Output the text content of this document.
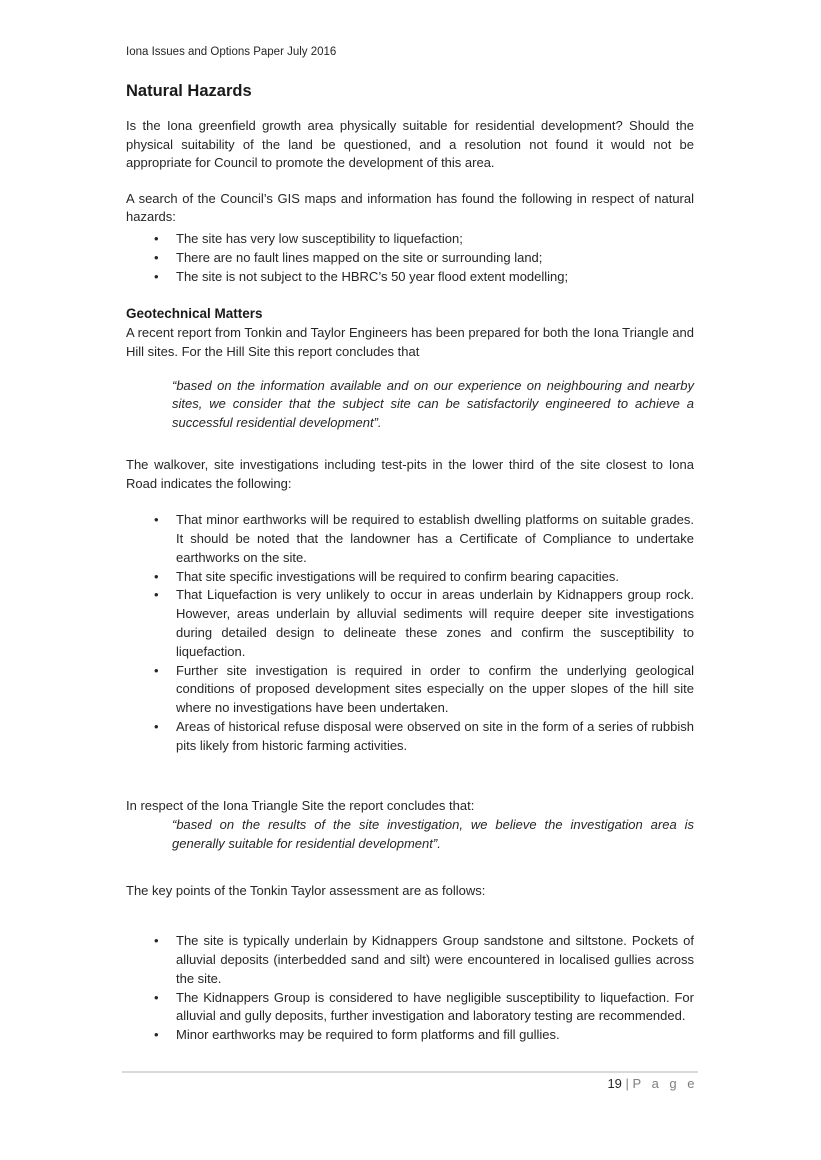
Iona Issues and Options Paper July 2016
Natural Hazards

Is the Iona greenfield growth area physically suitable for residential development? Should the physical suitability of the land be questioned, and a resolution not found it would not be appropriate for Council to promote the development of this area.

A search of the Council’s GIS maps and information has found the following in respect of natural hazards:

• The site has very low susceptibility to liquefaction;
• There are no fault lines mapped on the site or surrounding land;
• The site is not subject to the HBRC’s 50 year flood extent modelling;
Geotechnical Matters

A recent report from Tonkin and Taylor Engineers has been prepared for both the Iona Triangle and Hill sites. For the Hill Site this report concludes that

“based on the information available and on our experience on neighbouring and nearby sites, we consider that the subject site can be satisfactorily engineered to achieve a successful residential development”.

The walkover, site investigations including test-pits in the lower third of the site closest to Iona Road indicates the following:

• That minor earthworks will be required to establish dwelling platforms on suitable grades. It should be noted that the landowner has a Certificate of Compliance to undertake earthworks on the site.
• That site specific investigations will be required to confirm bearing capacities.
• That Liquefaction is very unlikely to occur in areas underlain by Kidnappers group rock. However, areas underlain by alluvial sediments will require deeper site investigations during detailed design to delineate these zones and confirm the susceptibility to liquefaction.
• Further site investigation is required in order to confirm the underlying geological conditions of proposed development sites especially on the upper slopes of the hill site where no investigations have been undertaken.
• Areas of historical refuse disposal were observed on site in the form of a series of rubbish pits likely from historic farming activities.

In respect of the Iona Triangle Site the report concludes that:

“based on the results of the site investigation, we believe the investigation area is generally suitable for residential development”.

The key points of the Tonkin Taylor assessment are as follows:

• The site is typically underlain by Kidnappers Group sandstone and siltstone. Pockets of alluvial deposits (interbedded sand and silt) were encountered in localised gullies across the site.
• The Kidnappers Group is considered to have negligible susceptibility to liquefaction. For alluvial and gully deposits, further investigation and laboratory testing are recommended.
• Minor earthworks may be required to form platforms and fill gullies.
19 | P a g e
